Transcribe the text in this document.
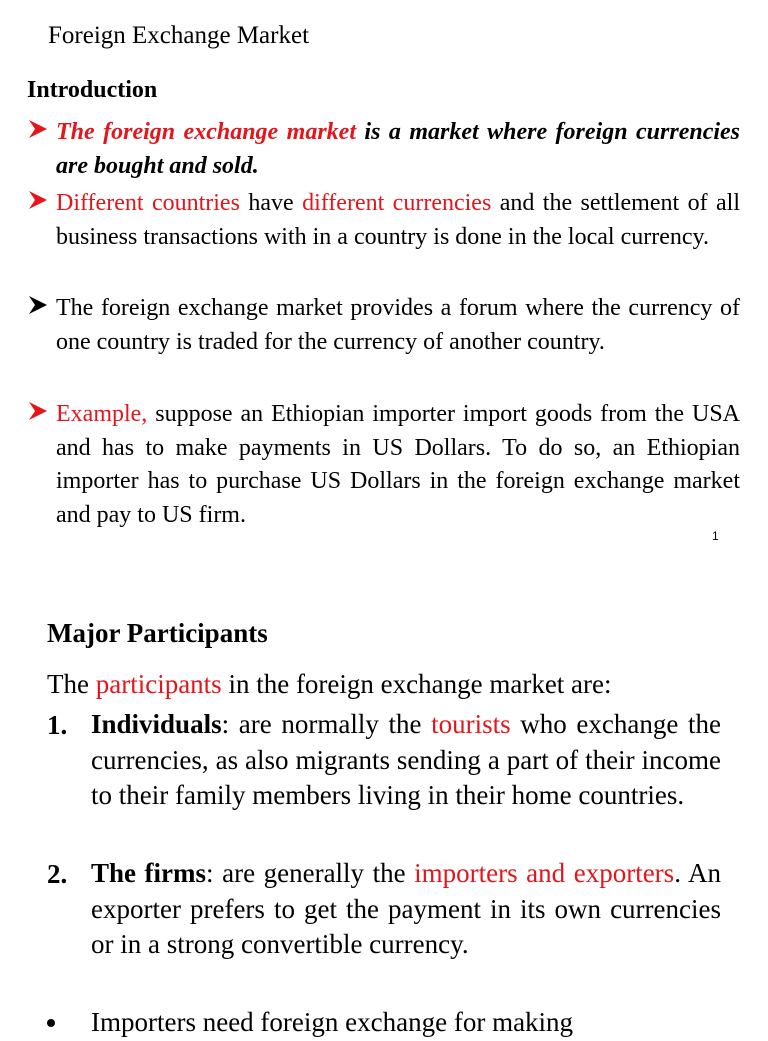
Foreign Exchange Market
Introduction
The foreign exchange market is a market where foreign currencies are bought and sold.
Different countries have different currencies and the settlement of all business transactions with in a country is done in the local currency.
The foreign exchange market provides a forum where the currency of one country is traded for the currency of another country.
Example, suppose an Ethiopian importer import goods from the USA and has to make payments in US Dollars. To do so, an Ethiopian importer has to purchase US Dollars in the foreign exchange market and pay to US firm.
1
Major Participants
The participants in the foreign exchange market are:
1. Individuals: are normally the tourists who exchange the currencies, as also migrants sending a part of their income to their family members living in their home countries.
2. The firms: are generally the importers and exporters. An exporter prefers to get the payment in its own currencies or in a strong convertible currency.
Importers need foreign exchange for making
